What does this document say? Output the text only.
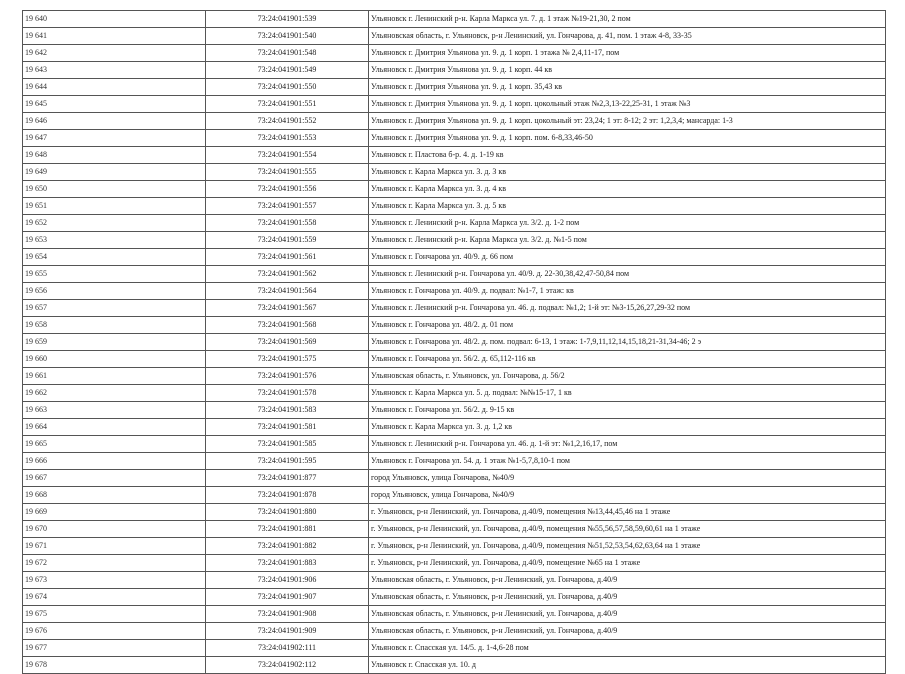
19 640	73:24:041901:539	Ульяновск г. Ленинский р-н. Карла Маркса ул. 7. д. 1 этаж №19-21,30, 2 пом
19 641	73:24:041901:540	Ульяновская область, г. Ульяновск, р-н Ленинский, ул. Гончарова, д. 41, пом. 1 этаж 4-8, 33-35
19 642	73:24:041901:548	Ульяновск г. Дмитрия Ульянова ул. 9. д. 1 корп. 1 этажа № 2,4,11-17, пом
19 643	73:24:041901:549	Ульяновск г. Дмитрия Ульянова ул. 9. д. 1 корп. 44 кв
19 644	73:24:041901:550	Ульяновск г. Дмитрия Ульянова ул. 9. д. 1 корп. 35,43 кв
19 645	73:24:041901:551	Ульяновск г. Дмитрия Ульянова ул. 9. д. 1 корп. цокольный этаж №2,3,13-22,25-31, 1 этаж №3
19 646	73:24:041901:552	Ульяновск г. Дмитрия Ульянова ул. 9. д. 1 корп. цокольный эт: 23,24; 1 эт: 8-12; 2 эт: 1,2,3,4; мансарда: 1-3
19 647	73:24:041901:553	Ульяновск г. Дмитрия Ульянова ул. 9. д. 1 корп. пом. 6-8,33,46-50
19 648	73:24:041901:554	Ульяновск г. Пластова б-р. 4. д. 1-19 кв
19 649	73:24:041901:555	Ульяновск г. Карла Маркса ул. 3. д. 3 кв
19 650	73:24:041901:556	Ульяновск г. Карла Маркса ул. 3. д. 4 кв
19 651	73:24:041901:557	Ульяновск г. Карла Маркса ул. 3. д. 5 кв
19 652	73:24:041901:558	Ульяновск г. Ленинский р-н. Карла Маркса ул. 3/2. д. 1-2 пом
19 653	73:24:041901:559	Ульяновск г. Ленинский р-н. Карла Маркса ул. 3/2. д. №1-5 пом
19 654	73:24:041901:561	Ульяновск г. Гончарова ул. 40/9. д. 66 пом
19 655	73:24:041901:562	Ульяновск г. Ленинский р-н. Гончарова ул. 40/9. д. 22-30,38,42,47-50,84 пом
19 656	73:24:041901:564	Ульяновск г. Гончарова ул. 40/9. д. подвал: №1-7, 1 этаж: кв
19 657	73:24:041901:567	Ульяновск г. Ленинский р-н. Гончарова ул. 46. д. подвал: №1,2; 1-й эт: №3-15,26,27,29-32 пом
19 658	73:24:041901:568	Ульяновск г. Гончарова ул. 48/2. д. 01 пом
19 659	73:24:041901:569	Ульяновск г. Гончарова ул. 48/2. д. пом. подвал: 6-13, 1 этаж: 1-7,9,11,12,14,15,18,21-31,34-46; 2 э
19 660	73:24:041901:575	Ульяновск г. Гончарова ул. 56/2. д. 65,112-116 кв
19 661	73:24:041901:576	Ульяновская область, г. Ульяновск, ул. Гончарова, д. 56/2
19 662	73:24:041901:578	Ульяновск г. Карла Маркса ул. 5. д. подвал: №№15-17, 1 кв
19 663	73:24:041901:583	Ульяновск г. Гончарова ул. 56/2. д. 9-15 кв
19 664	73:24:041901:581	Ульяновск г. Карла Маркса ул. 3. д. 1,2 кв
19 665	73:24:041901:585	Ульяновск г. Ленинский р-н. Гончарова ул. 46. д. 1-й эт: №1,2,16,17, пом
19 666	73:24:041901:595	Ульяновск г. Гончарова ул. 54. д. 1 этаж №1-5,7,8,10-1 пом
19 667	73:24:041901:877	город Ульяновск, улица Гончарова, №40/9
19 668	73:24:041901:878	город Ульяновск, улица Гончарова, №40/9
19 669	73:24:041901:880	г. Ульяновск, р-н Ленинский, ул. Гончарова, д.40/9, помещения №13,44,45,46 на 1 этаже
19 670	73:24:041901:881	г. Ульяновск, р-н Ленинский, ул. Гончарова, д.40/9, помещения №55,56,57,58,59,60,61 на 1 этаже
19 671	73:24:041901:882	г. Ульяновск, р-н Ленинский, ул. Гончарова, д.40/9, помещения №51,52,53,54,62,63,64 на 1 этаже
19 672	73:24:041901:883	г. Ульяновск, р-н Ленинский, ул. Гончарова, д.40/9, помещение №65 на 1 этаже
19 673	73:24:041901:906	Ульяновская область, г. Ульяновск, р-н Ленинский, ул. Гончарова, д.40/9
19 674	73:24:041901:907	Ульяновская область, г. Ульяновск, р-н Ленинский, ул. Гончарова, д.40/9
19 675	73:24:041901:908	Ульяновская область, г. Ульяновск, р-н Ленинский, ул. Гончарова, д.40/9
19 676	73:24:041901:909	Ульяновская область, г. Ульяновск, р-н Ленинский, ул. Гончарова, д.40/9
19 677	73:24:041902:111	Ульяновск г. Спасская ул. 14/5. д. 1-4,6-28 пом
19 678	73:24:041902:112	Ульяновск г. Спасская ул. 10. д
